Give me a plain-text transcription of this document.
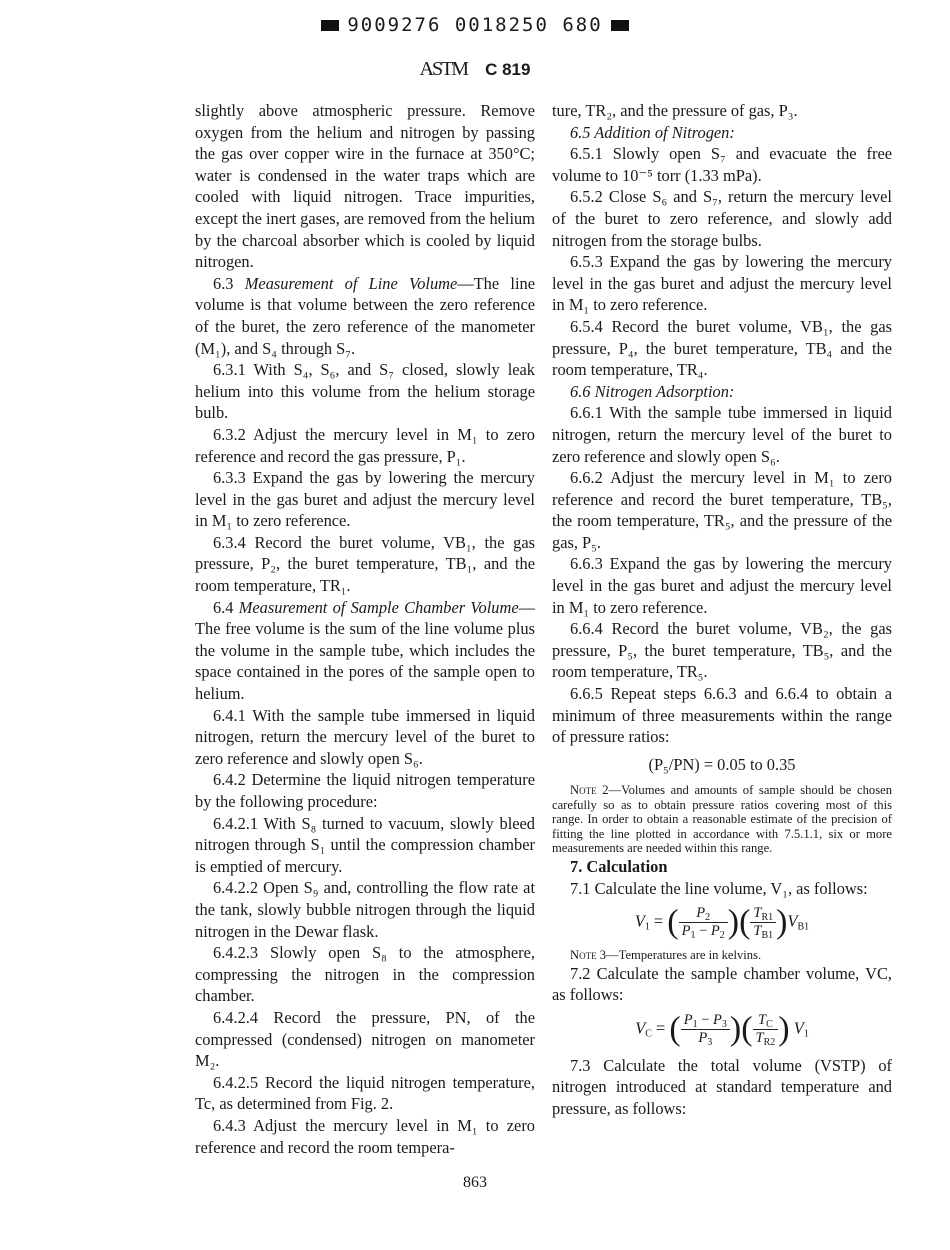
9009276 0018250 680
ASTM C 819

slightly above atmospheric pressure. Remove oxygen from the helium and nitrogen by passing the gas over copper wire in the furnace at 350°C; water is condensed in the water traps which are cooled with liquid nitrogen. Trace impurities, except the inert gases, are removed from the helium by the charcoal absorber which is cooled by liquid nitrogen.

6.3 Measurement of Line Volume—The line volume is that volume between the zero reference of the buret, the zero reference of the manometer (M₁), and S₄ through S₇.

6.3.1 With S₄, S₆, and S₇ closed, slowly leak helium into this volume from the helium storage bulb.

6.3.2 Adjust the mercury level in M₁ to zero reference and record the gas pressure, P₁.

6.3.3 Expand the gas by lowering the mercury level in the gas buret and adjust the mercury level in M₁ to zero reference.

6.3.4 Record the buret volume, VB₁, the gas pressure, P₂, the buret temperature, TB₁, and the room temperature, TR₁.

6.4 Measurement of Sample Chamber Volume—The free volume is the sum of the line volume plus the volume in the sample tube, which includes the space contained in the pores of the sample open to helium.

6.4.1 With the sample tube immersed in liquid nitrogen, return the mercury level of the buret to zero reference and slowly open S₆.

6.4.2 Determine the liquid nitrogen temperature by the following procedure:

6.4.2.1 With S₈ turned to vacuum, slowly bleed nitrogen through S₁ until the compression chamber is emptied of mercury.

6.4.2.2 Open S₉ and, controlling the flow rate at the tank, slowly bubble nitrogen through the liquid nitrogen in the Dewar flask.

6.4.2.3 Slowly open S₈ to the atmosphere, compressing the nitrogen in the compression chamber.

6.4.2.4 Record the pressure, PN, of the compressed (condensed) nitrogen on manometer M₂.

6.4.2.5 Record the liquid nitrogen temperature, Tc, as determined from Fig. 2.

6.4.3 Adjust the mercury level in M₁ to zero reference and record the room tempera-

ture, TR₂, and the pressure of gas, P₃.

6.5 Addition of Nitrogen:

6.5.1 Slowly open S₇ and evacuate the free volume to 10⁻⁵ torr (1.33 mPa).

6.5.2 Close S₆ and S₇, return the mercury level of the buret to zero reference, and slowly add nitrogen from the storage bulbs.

6.5.3 Expand the gas by lowering the mercury level in the gas buret and adjust the mercury level in M₁ to zero reference.

6.5.4 Record the buret volume, VB₁, the gas pressure, P₄, the buret temperature, TB₄ and the room temperature, TR₄.

6.6 Nitrogen Adsorption:

6.6.1 With the sample tube immersed in liquid nitrogen, return the mercury level of the buret to zero reference and slowly open S₆.

6.6.2 Adjust the mercury level in M₁ to zero reference and record the buret temperature, TB₅, the room temperature, TR₅, and the pressure of the gas, P₅.

6.6.3 Expand the gas by lowering the mercury level in the gas buret and adjust the mercury level in M₁ to zero reference.

6.6.4 Record the buret volume, VB₂, the gas pressure, P₅, the buret temperature, TB₅, and the room temperature, TR₅.

6.6.5 Repeat steps 6.6.3 and 6.6.4 to obtain a minimum of three measurements within the range of pressure ratios:

(P₅/PN) = 0.05 to 0.35

Note 2—Volumes and amounts of sample should be chosen carefully so as to obtain pressure ratios covering most of this range. In order to obtain a reasonable estimate of the precision of fitting the line plotted in accordance with 7.5.1.1, six or more measurements are needed within this range.

7. Calculation

7.1 Calculate the line volume, V₁, as follows:

$V_1$ = ( $\frac{P_2}{P_1 - P_2}$ )( $\frac{T_{R1}}{T_{B1}} )V_{B1}$

Note 3—Temperatures are in kelvins.

7.2 Calculate the sample chamber volume, VC, as follows:

$V_C$ = ( $\frac{P_1 - P_3}{P_3}$ )( $\frac{T_C}{T_{R2}}$ ) $V_1$

7.3 Calculate the total volume (VSTP) of nitrogen introduced at standard temperature and pressure, as follows:

863
